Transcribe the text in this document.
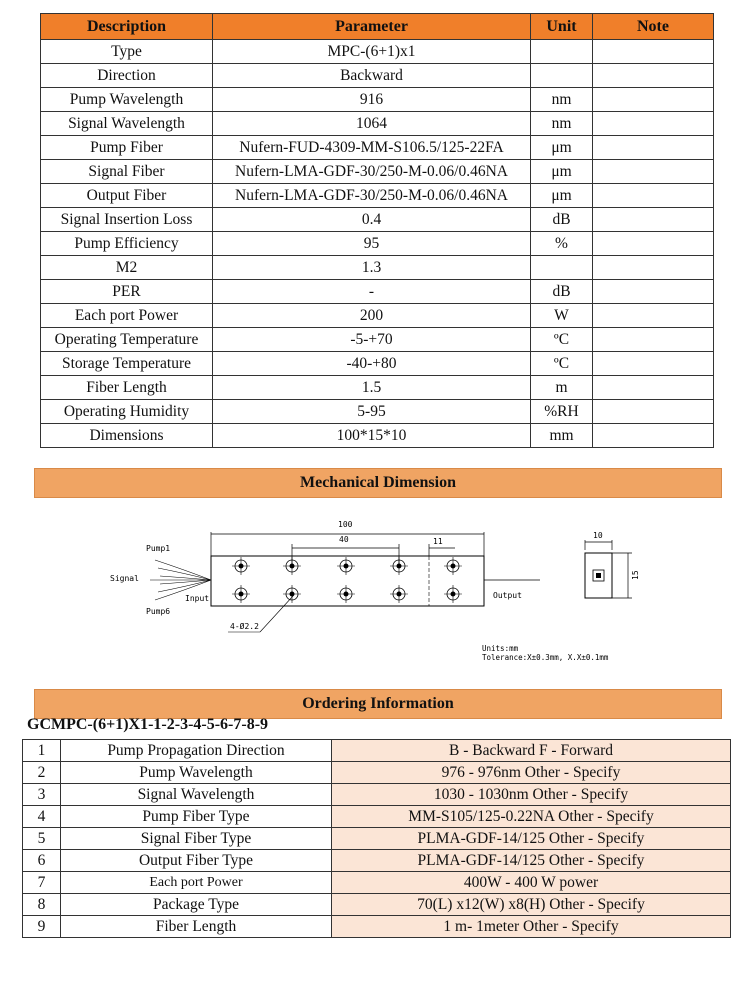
Description	Parameter	Unit	Note
Type	MPC-(6+1)x1		
Direction	Backward		
Pump Wavelength	916	nm	
Signal Wavelength	1064	nm	
Pump Fiber	Nufern-FUD-4309-MM-S106.5/125-22FA	μm	
Signal Fiber	Nufern-LMA-GDF-30/250-M-0.06/0.46NA	μm	
Output Fiber	Nufern-LMA-GDF-30/250-M-0.06/0.46NA	μm	
Signal Insertion Loss	0.4	dB	
Pump Efficiency	95	%	
M2	1.3		
PER	-	dB	
Each port Power	200	W	
Operating Temperature	-5-+70	ºC	
Storage Temperature	-40-+80	ºC	
Fiber Length	1.5	m	
Operating Humidity	5-95	%RH	
Dimensions	100*15*10	mm	
Mechanical Dimension
100
40	11
10
15
Pump1
Signal
Pump6
Input	Output
4-Ø2.2
Units:mm
Tolerance:X±0.3mm, X.X±0.1mm
Ordering Information
GCMPC-(6+1)X1-1-2-3-4-5-6-7-8-9
1	Pump Propagation Direction	B - Backward F - Forward
2	Pump Wavelength	976 - 976nm Other - Specify
3	Signal Wavelength	1030 - 1030nm Other - Specify
4	Pump Fiber Type	MM-S105/125-0.22NA Other - Specify
5	Signal Fiber Type	PLMA-GDF-14/125 Other - Specify
6	Output Fiber Type	PLMA-GDF-14/125 Other - Specify
7	Each port Power	400W - 400 W power
8	Package Type	70(L) x12(W) x8(H) Other - Specify
9	Fiber Length	1 m- 1meter Other - Specify
